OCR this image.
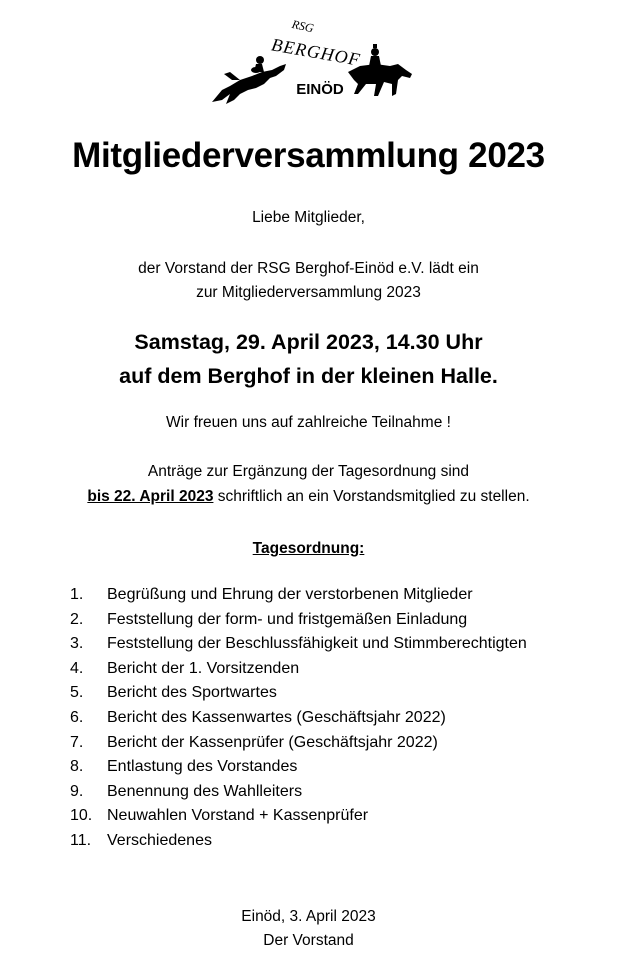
RSG
BERGHOF
EINÖD
Mitgliederversammlung 2023
Liebe Mitglieder,
der Vorstand der RSG Berghof-Einöd e.V. lädt ein
zur Mitgliederversammlung 2023
Samstag, 29. April 2023, 14.30 Uhr
auf dem Berghof in der kleinen Halle.
Wir freuen uns auf zahlreiche Teilnahme !
Anträge zur Ergänzung der Tagesordnung sind
bis 22. April 2023 schriftlich an ein Vorstandsmitglied zu stellen.
Tagesordnung:
1. Begrüßung und Ehrung der verstorbenen Mitglieder
2. Feststellung der form- und fristgemäßen Einladung
3. Feststellung der Beschlussfähigkeit und Stimmberechtigten
4. Bericht der 1. Vorsitzenden
5. Bericht des Sportwartes
6. Bericht des Kassenwartes (Geschäftsjahr 2022)
7. Bericht der Kassenprüfer (Geschäftsjahr 2022)
8. Entlastung des Vorstandes
9. Benennung des Wahlleiters
10. Neuwahlen Vorstand + Kassenprüfer
11. Verschiedenes
Einöd, 3. April 2023
Der Vorstand
